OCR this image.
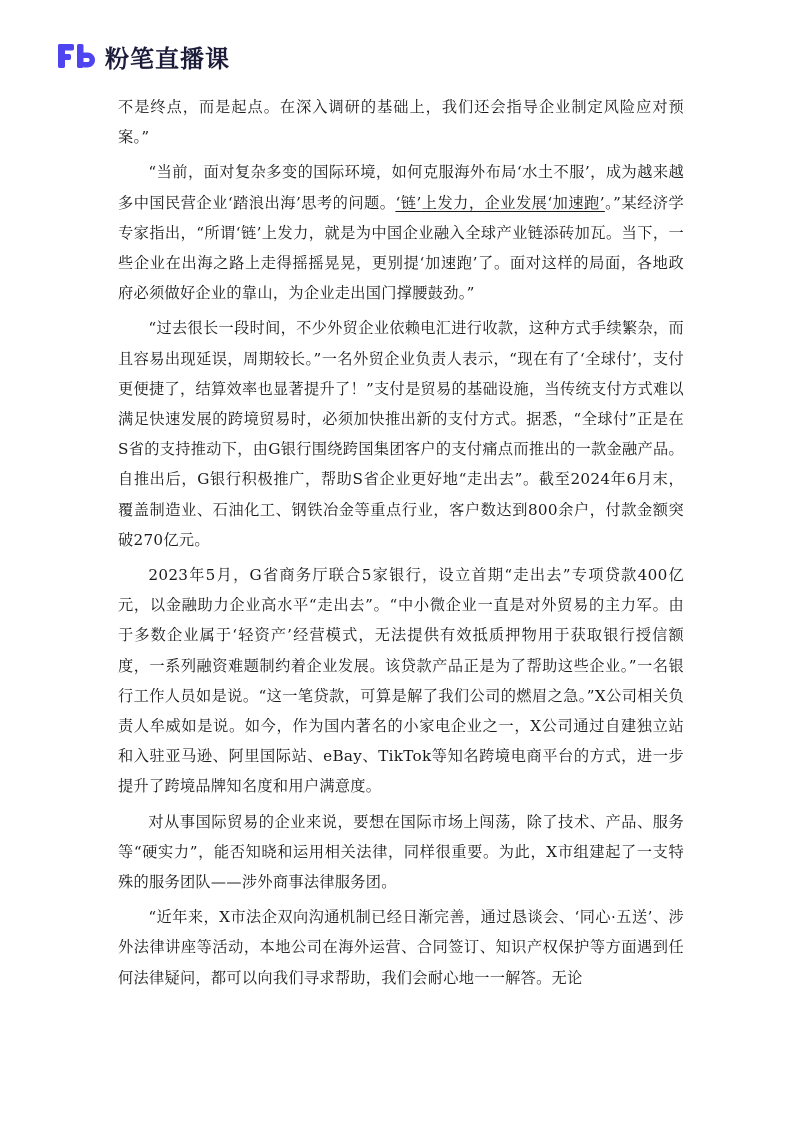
粉笔直播课

不是终点，而是起点。在深入调研的基础上，我们还会指导企业制定风险应对预案。”

“当前，面对复杂多变的国际环境，如何克服海外布局‘水土不服’，成为越来越多中国民营企业‘踏浪出海’思考的问题。‘链’上发力，企业发展‘加速跑’。”某经济学专家指出，“所谓‘链’上发力，就是为中国企业融入全球产业链添砖加瓦。当下，一些企业在出海之路上走得摇摇晃晃，更别提‘加速跑’了。面对这样的局面，各地政府必须做好企业的靠山，为企业走出国门撑腰鼓劲。”

“过去很长一段时间，不少外贸企业依赖电汇进行收款，这种方式手续繁杂，而且容易出现延误，周期较长。”一名外贸企业负责人表示，“现在有了‘全球付’，支付更便捷了，结算效率也显著提升了！”支付是贸易的基础设施，当传统支付方式难以满足快速发展的跨境贸易时，必须加快推出新的支付方式。据悉，“全球付”正是在S省的支持推动下，由G银行围绕跨国集团客户的支付痛点而推出的一款金融产品。自推出后，G银行积极推广，帮助S省企业更好地“走出去”。截至2024年6月末，覆盖制造业、石油化工、钢铁冶金等重点行业，客户数达到800余户，付款金额突破270亿元。

2023年5月，G省商务厅联合5家银行，设立首期“走出去”专项贷款400亿元，以金融助力企业高水平“走出去”。“中小微企业一直是对外贸易的主力军。由于多数企业属于‘轻资产’经营模式，无法提供有效抵质押物用于获取银行授信额度，一系列融资难题制约着企业发展。该贷款产品正是为了帮助这些企业。”一名银行工作人员如是说。“这一笔贷款，可算是解了我们公司的燃眉之急。”X公司相关负责人牟威如是说。如今，作为国内著名的小家电企业之一，X公司通过自建独立站和入驻亚马逊、阿里国际站、eBay、TikTok等知名跨境电商平台的方式，进一步提升了跨境品牌知名度和用户满意度。

对从事国际贸易的企业来说，要想在国际市场上闯荡，除了技术、产品、服务等“硬实力”，能否知晓和运用相关法律，同样很重要。为此，X市组建起了一支特殊的服务团队——涉外商事法律服务团。

“近年来，X市法企双向沟通机制已经日渐完善，通过恳谈会、‘同心·五送’、涉外法律讲座等活动，本地公司在海外运营、合同签订、知识产权保护等方面遇到任何法律疑问，都可以向我们寻求帮助，我们会耐心地一一解答。无论
